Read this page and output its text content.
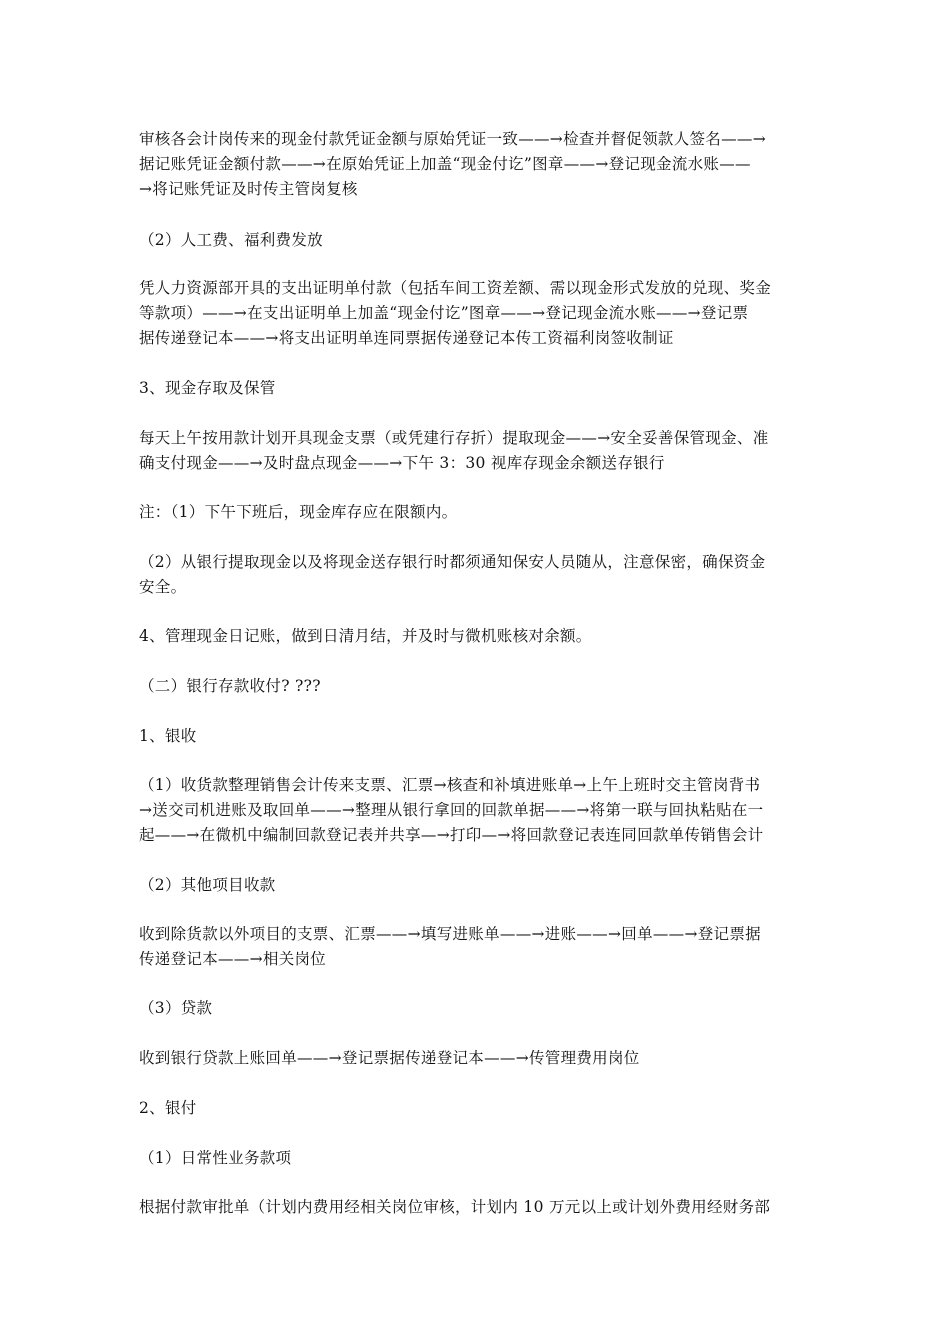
审核各会计岗传来的现金付款凭证金额与原始凭证一致——→检查并督促领款人签名——→
据记账凭证金额付款——→在原始凭证上加盖“现金付讫”图章——→登记现金流水账——
→将记账凭证及时传主管岗复核

（2）人工费、福利费发放

凭人力资源部开具的支出证明单付款（包括车间工资差额、需以现金形式发放的兑现、奖金
等款项）——→在支出证明单上加盖“现金付讫”图章——→登记现金流水账——→登记票
据传递登记本——→将支出证明单连同票据传递登记本传工资福利岗签收制证

3、现金存取及保管

每天上午按用款计划开具现金支票（或凭建行存折）提取现金——→安全妥善保管现金、准
确支付现金——→及时盘点现金——→下午 3：30 视库存现金余额送存银行

注：（1）下午下班后，现金库存应在限额内。

（2）从银行提取现金以及将现金送存银行时都须通知保安人员随从，注意保密，确保资金
安全。

4、管理现金日记账，做到日清月结，并及时与微机账核对余额。

（二）银行存款收付? ???

1、银收

（1）收货款整理销售会计传来支票、汇票→核查和补填进账单→上午上班时交主管岗背书
→送交司机进账及取回单——→整理从银行拿回的回款单据——→将第一联与回执粘贴在一
起——→在微机中编制回款登记表并共享—→打印—→将回款登记表连同回款单传销售会计

（2）其他项目收款

收到除货款以外项目的支票、汇票——→填写进账单——→进账——→回单——→登记票据
传递登记本——→相关岗位

（3）贷款

收到银行贷款上账回单——→登记票据传递登记本——→传管理费用岗位

2、银付

（1）日常性业务款项

根据付款审批单（计划内费用经相关岗位审核，计划内 10 万元以上或计划外费用经财务部
